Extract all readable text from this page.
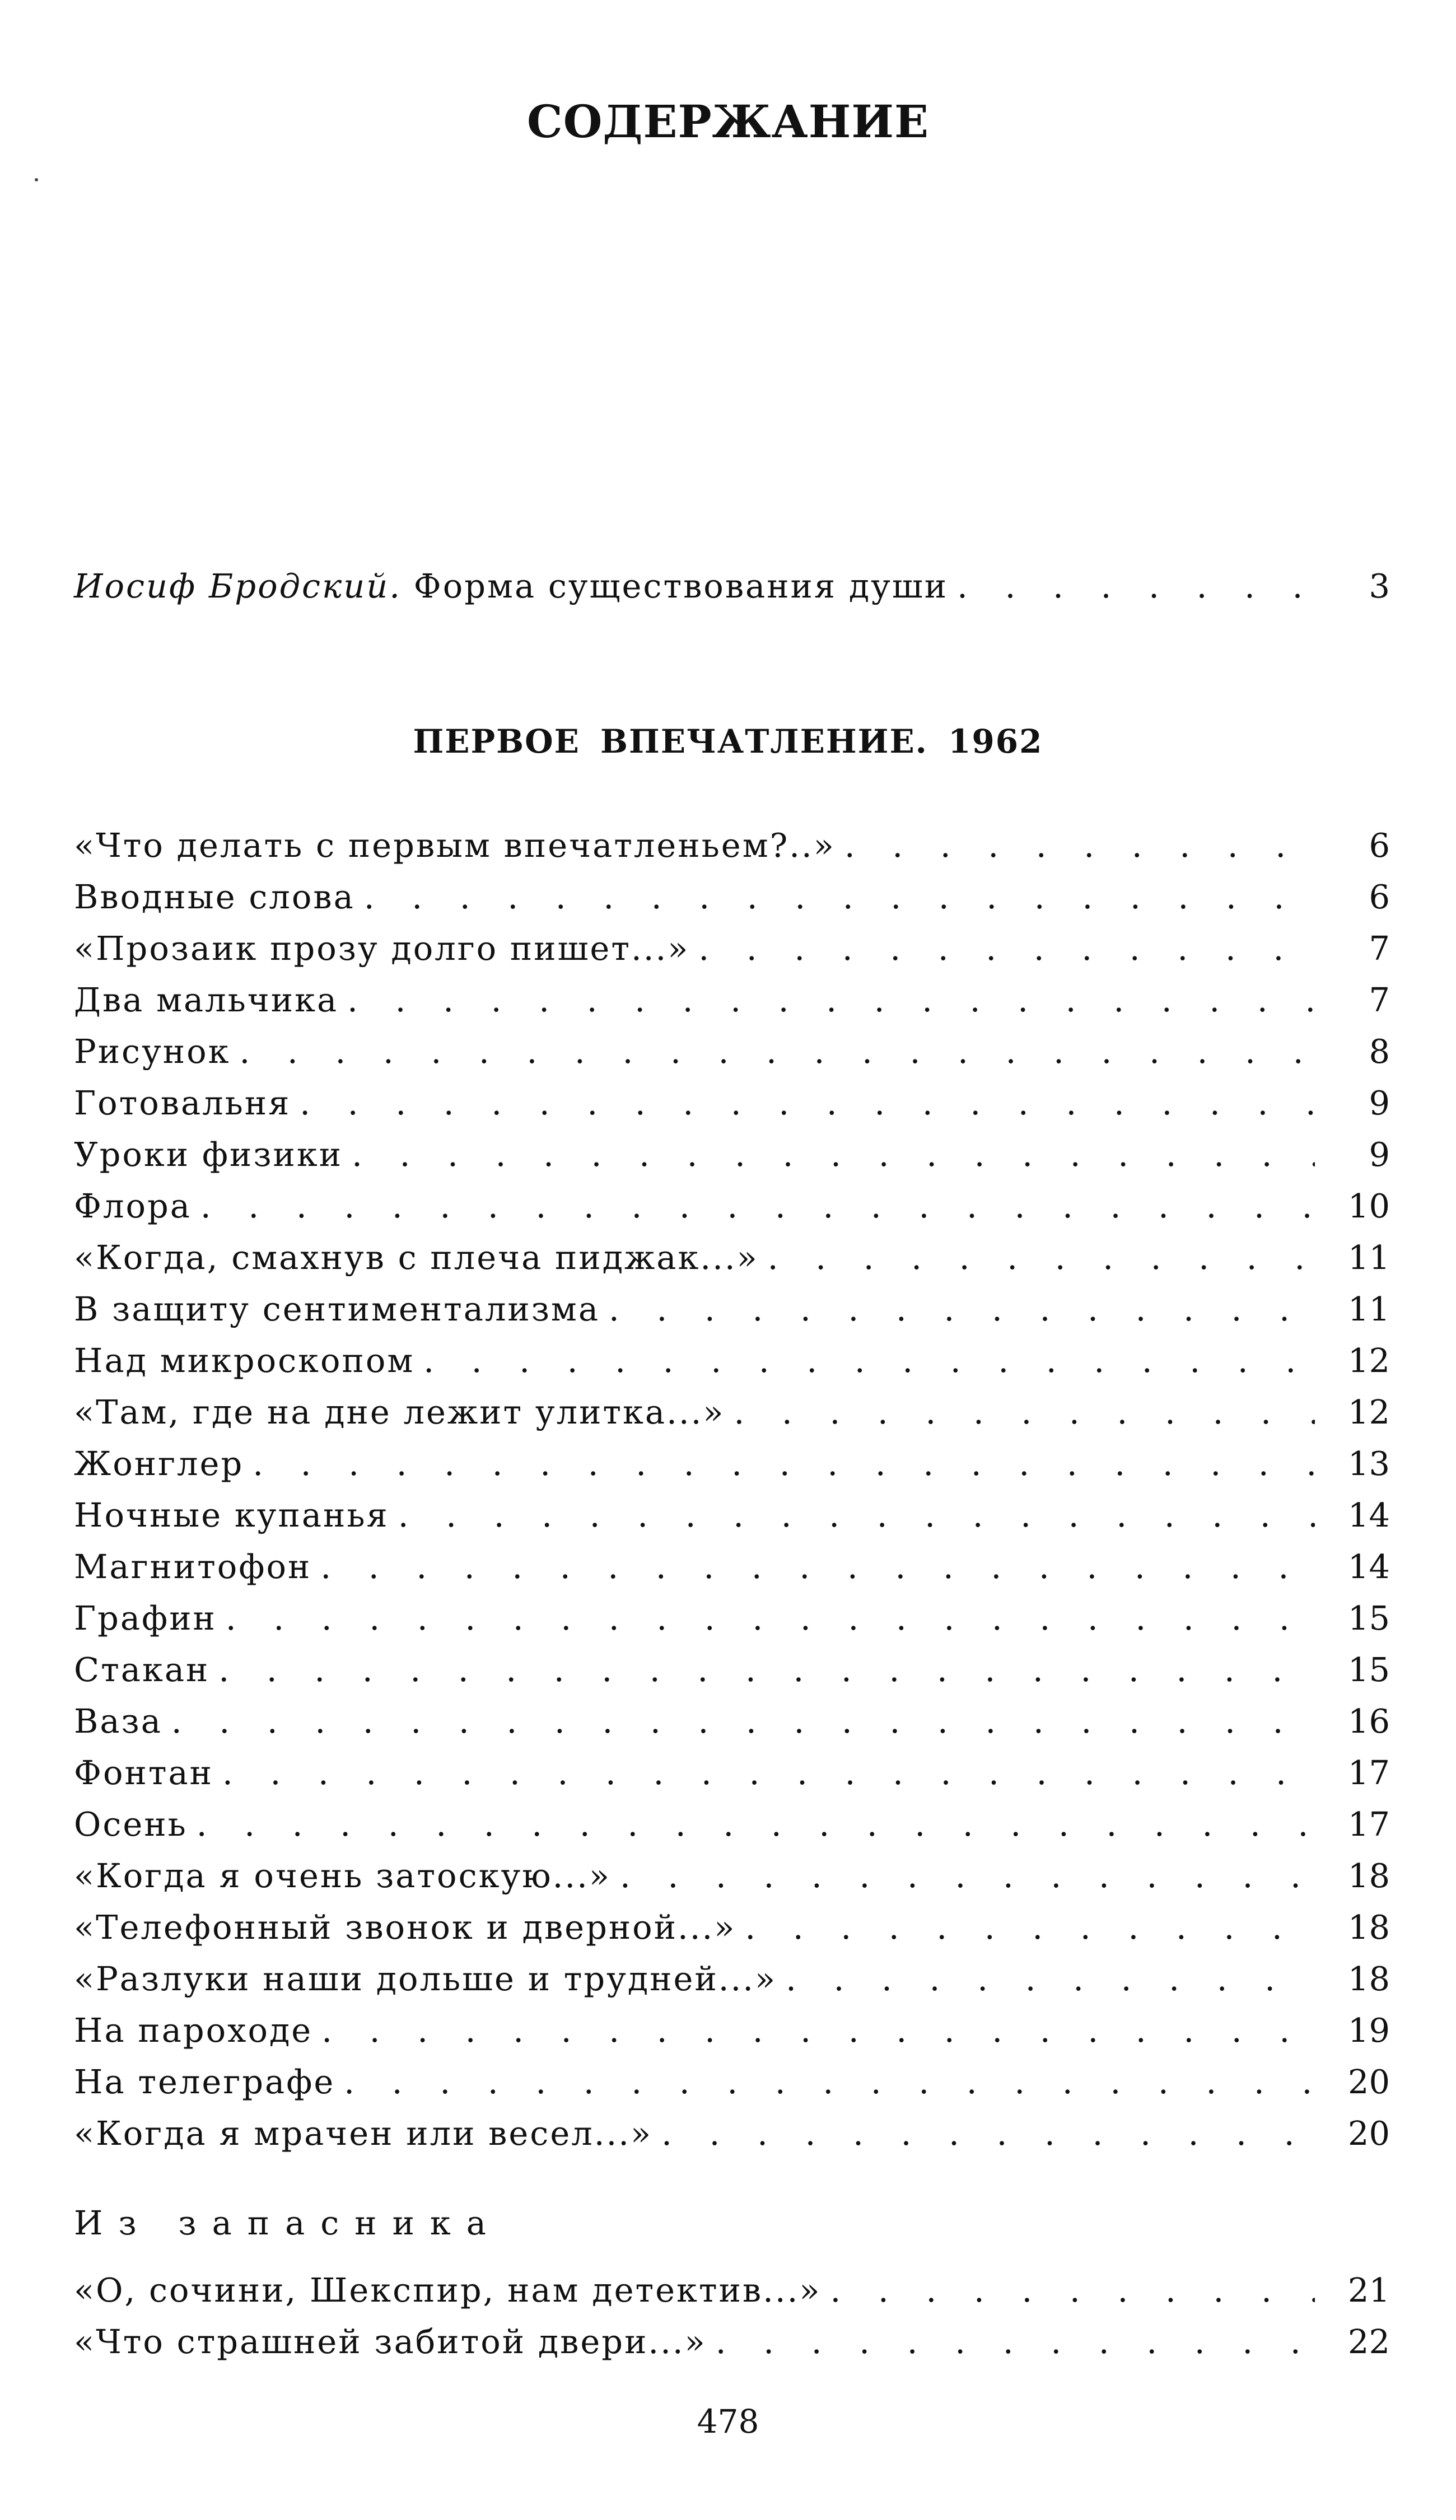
СОДЕРЖАНИЕ
Иосиф Бродский. Форма существования души . . .	3
ПЕРВОЕ ВПЕЧАТЛЕНИЕ. 1962
«Что делать с первым впечатленьем?..» . . .	6
Вводные слова . . .	6
«Прозаик прозу долго пишет...» . . .	7
Два мальчика . . .	7
Рисунок . . .	8
Готовальня . . .	9
Уроки физики . . .	9
Флора . . .	10
«Когда, смахнув с плеча пиджак...» . . .	11
В защиту сентиментализма . . .	11
Над микроскопом . . .	12
«Там, где на дне лежит улитка...» . . .	12
Жонглер . . .	13
Ночные купанья . . .	14
Магнитофон . . .	14
Графин . . .	15
Стакан . . .	15
Ваза . . .	16
Фонтан . . .	17
Осень . . .	17
«Когда я очень затоскую...» . . .	18
«Телефонный звонок и дверной...» . . .	18
«Разлуки наши дольше и трудней...» . . .	18
На пароходе . . .	19
На телеграфе . . .	20
«Когда я мрачен или весел...» . . .	20
Из запасника
«О, сочини, Шекспир, нам детектив...» . . .	21
«Что страшней забитой двери...» . . .	22
478
